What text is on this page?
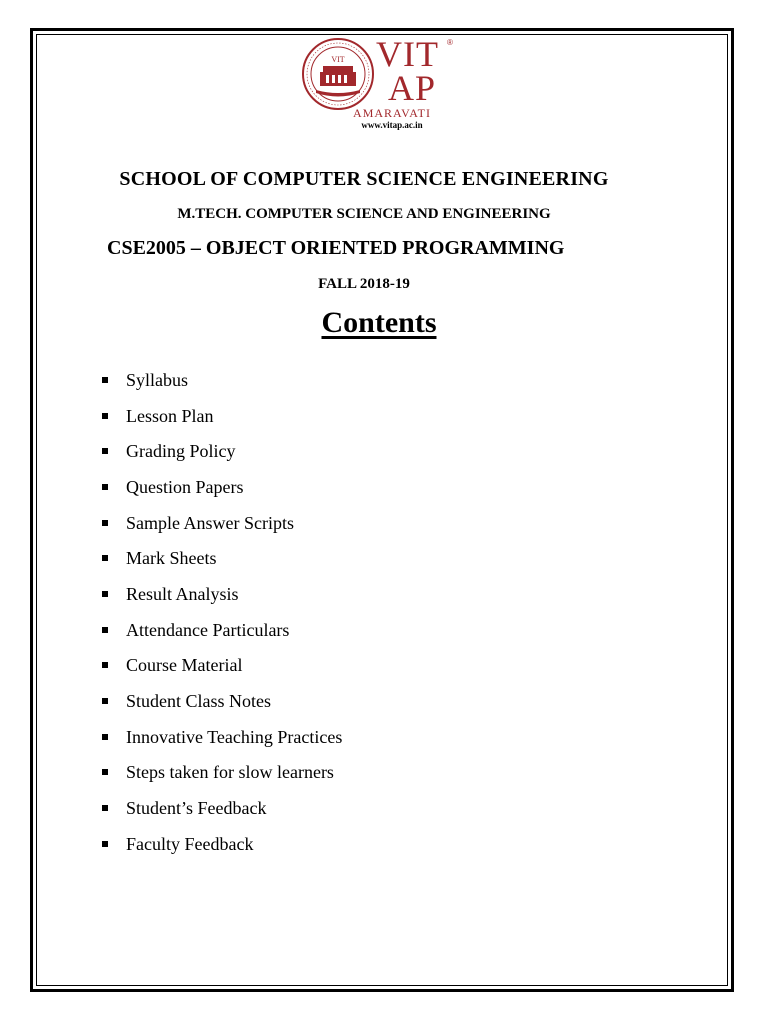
VIT VIT ®
AP
AMARAVATI
www.vitap.ac.in
SCHOOL OF COMPUTER SCIENCE ENGINEERING
M.TECH. COMPUTER SCIENCE AND ENGINEERING
CSE2005 – OBJECT ORIENTED PROGRAMMING
FALL 2018-19
Contents
Syllabus
Lesson Plan
Grading Policy
Question Papers
Sample Answer Scripts
Mark Sheets
Result Analysis
Attendance Particulars
Course Material
Student Class Notes
Innovative Teaching Practices
Steps taken for slow learners
Student’s Feedback
Faculty Feedback
